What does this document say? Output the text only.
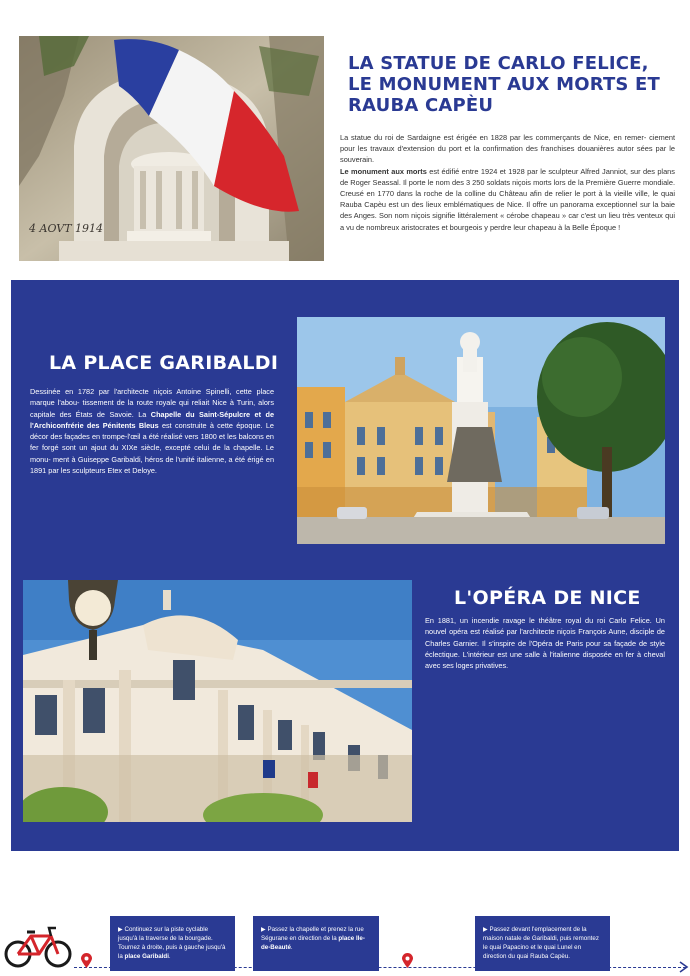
4 AOVT 1914
LA STATUE DE CARLO FELICE, LE MONUMENT AUX MORTS ET RAUBA CAPÈU

La statue du roi de Sardaigne est érigée en 1828 par les commerçants de Nice, en remer- ciement pour les travaux d'extension du port et la confirmation des franchises douanières autor sées par le souverain.

Le monument aux morts est édifié entre 1924 et 1928 par le sculpteur Alfred Janniot, sur des plans de Roger Seassal. Il porte le nom des 3 250 soldats niçois morts lors de la Première Guerre mondiale. Creusé en 1770 dans la roche de la colline du Château afin de relier le port à la vieille ville, le quai Rauba Capèu est un des lieux emblématiques de Nice. Il offre un panorama exceptionnel sur la baie des Anges. Son nom niçois signifie littéralement « cérobe chapeau » car c'est un lieu très venteux qui a vu de nombreux aristocrates et bourgeois y perdre leur chapeau à la Belle Époque !

LA PLACE GARIBALDI
Dessinée en 1782 par l'architecte niçois Antoine Spinelli, cette place marque l'abou- tissement de la route royale qui reliait Nice à Turin, alors capitale des États de Savoie. La Chapelle du Saint-Sépulcre et de l'Archiconfrérie des Pénitents Bleus est construite à cette époque. Le décor des façades en trompe-l'œil a été réalisé vers 1800 et les balcons en fer forgé sont un ajout du XIXe siècle, excepté celui de la chapelle. Le monu- ment à Guiseppe Garibaldi, héros de l'unité italienne, a été érigé en 1891 par les sculpteurs Etex et Deloye.
L'OPÉRA DE NICE
En 1881, un incendie ravage le théâtre royal du roi Carlo Felice. Un nouvel opéra est réalisé par l'architecte niçois François Aune, disciple de Charles Garnier. Il s'inspire de l'Opéra de Paris pour sa façade de style éclectique. L'intérieur est une salle à l'italienne disposée en fer à cheval avec ses loges privatives.
▶ Continuez sur la piste cyclable jusqu'à la traverse de la bourgade. Tournez à droite, puis à gauche jusqu'à la place Garibaldi.
▶ Passez la chapelle et prenez la rue Ségurane en direction de la place Ile-de-Beauté.
▶ Passez devant l'emplacement de la maison natale de Garibaldi, puis remontez le quai Papacino et le quai Lunel en direction du quai Rauba Capèu.
